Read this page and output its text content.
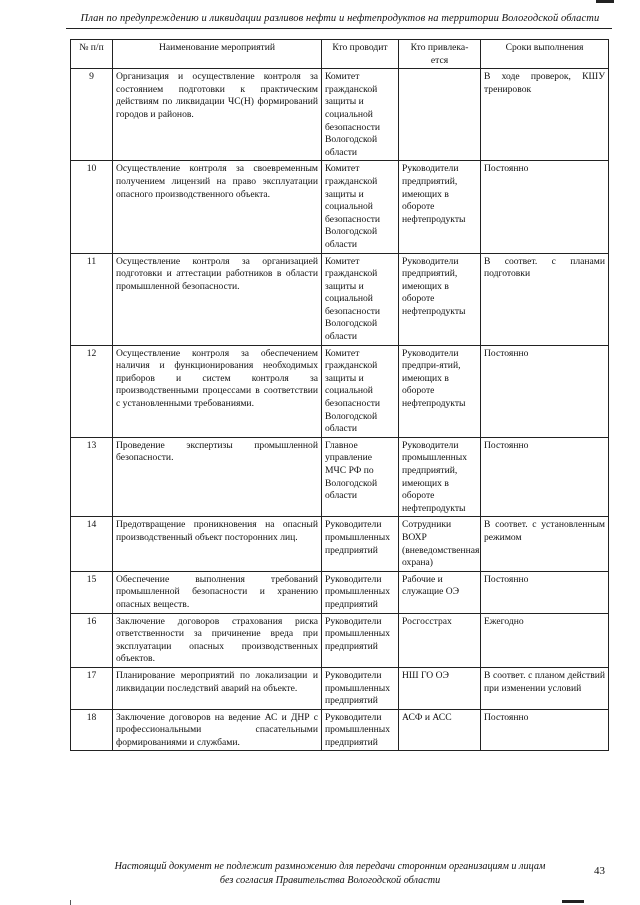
План по предупреждению и ликвидации разливов нефти и нефтепродуктов на территории Вологодской области
№ п/п	Наименование мероприятий	Кто проводит	Кто привлека- ется	Сроки выполнения
9	Организация и осуществление контроля за состоянием подготовки к практическим действиям по ликвидации ЧС(Н) формирований городов и районов.	Комитет гражданской защиты и социальной безопасности Вологодской области		В ходе проверок, КШУ тренировок
10	Осуществление контроля за своевременным получением лицензий на право эксплуатации опасного производственного объекта.	Комитет гражданской защиты и социальной безопасности Вологодской области	Руководители предприятий, имеющих в обороте нефтепродукты	Постоянно
11	Осуществление контроля за организацией подготовки и аттестации работников в области промышленной безопасности.	Комитет гражданской защиты и социальной безопасности Вологодской области	Руководители предприятий, имеющих в обороте нефтепродукты	В соответ. с планами подготовки
12	Осуществление контроля за обеспечением наличия и функционирования необходимых приборов и систем контроля за производственными процессами в соответствии с установленными требованиями.	Комитет гражданской защиты и социальной безопасности Вологодской области	Руководители предпри-ятий, имеющих в обороте нефтепродукты	Постоянно
13	Проведение экспертизы промышленной безопасности.	Главное управление МЧС РФ по Вологодской области	Руководители промышленных предприятий, имеющих в обороте нефтепродукты	Постоянно
14	Предотвращение проникновения на опасный производственный объект посторонних лиц.	Руководители промышленных предприятий	Сотрудники ВОХР (вневедомственная охрана)	В соответ. с установленным режимом
15	Обеспечение выполнения требований промышленной безопасности и хранению опасных веществ.	Руководители промышленных предприятий	Рабочие и служащие ОЭ	Постоянно
16	Заключение договоров страхования риска ответственности за причинение вреда при эксплуатации опасных производственных объектов.	Руководители промышленных предприятий	Росгосстрах	Ежегодно
17	Планирование мероприятий по локализации и ликвидации последствий аварий на объекте.	Руководители промышленных предприятий	НШ ГО ОЭ	В соответ. с планом действий при изменении условий
18	Заключение договоров на ведение АС и ДНР с профессиональными спасательными формированиями и службами.	Руководители промышленных предприятий	АСФ и АСС	Постоянно
Настоящий документ не подлежит размножению для передачи сторонним организациям и лицам
без согласия Правительства Вологодской области
43
